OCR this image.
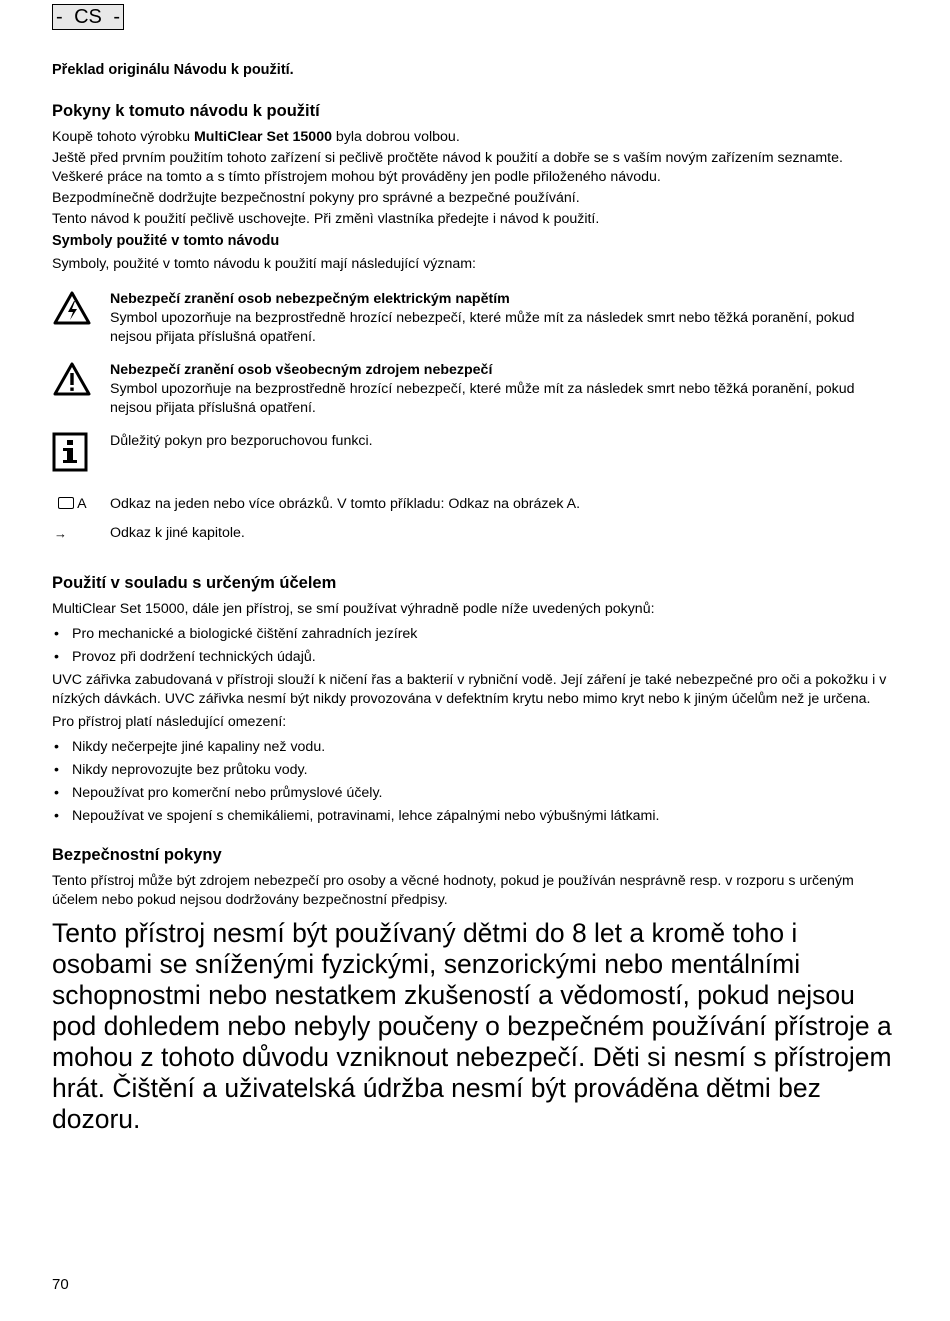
- CS -
Překlad originálu Návodu k použití.
Pokyny k tomuto návodu k použití

Koupě tohoto výrobku MultiClear Set 15000 byla dobrou volbou.

Ještě před prvním použitím tohoto zařízení si pečlivě pročtěte návod k použití a dobře se s vaším novým zařízením seznamte. Veškeré práce na tomto a s tímto přístrojem mohou být prováděny jen podle přiloženého návodu.

Bezpodmínečně dodržujte bezpečnostní pokyny pro správné a bezpečné používání.

Tento návod k použití pečlivě uschovejte. Při změnì vlastníka předejte i návod k použití.

Symboly použité v tomto návodu

Symboly, použité v tomto návodu k použití mají následující význam:

Nebezpečí zranění osob nebezpečným elektrickým napětím
Symbol upozorňuje na bezprostředně hrozící nebezpečí, které může mít za následek smrt nebo těžká poranění, pokud nejsou přijata příslušná opatření.
Nebezpečí zranění osob všeobecným zdrojem nebezpečí
Symbol upozorňuje na bezprostředně hrozící nebezpečí, které může mít za následek smrt nebo těžká poranění, pokud nejsou přijata příslušná opatření.
Důležitý pokyn pro bezporuchovou funkci.
A	Odkaz na jeden nebo více obrázků. V tomto příkladu: Odkaz na obrázek A.
→	Odkaz k jiné kapitole.
Použití v souladu s určeným účelem

MultiClear Set 15000, dále jen přístroj, se smí používat výhradně podle níže uvedených pokynů:

• Pro mechanické a biologické čištění zahradních jezírek
• Provoz při dodržení technických údajů.

UVC zářivka zabudovaná v přístroji slouží k ničení řas a bakterií v rybniční vodě. Její záření je také nebezpečné pro oči a pokožku i v nízkých dávkách. UVC zářivka nesmí být nikdy provozována v defektním krytu nebo mimo kryt nebo k jiným účelům než je určena.

Pro přístroj platí následující omezení:

• Nikdy nečerpejte jiné kapaliny než vodu.
• Nikdy neprovozujte bez průtoku vody.
• Nepoužívat pro komerční nebo průmyslové účely.
• Nepoužívat ve spojení s chemikáliemi, potravinami, lehce zápalnými nebo výbušnými látkami.
Bezpečnostní pokyny

Tento přístroj může být zdrojem nebezpečí pro osoby a věcné hodnoty, pokud je používán nesprávně resp. v rozporu s určeným účelem nebo pokud nejsou dodržovány bezpečnostní předpisy.

Tento přístroj nesmí být používaný dětmi do 8 let a kromě toho i osobami se sníženými fyzickými, senzorickými nebo mentálními schopnostmi nebo nestatkem zkušeností a vědomostí, pokud nejsou pod dohledem nebo nebyly poučeny o bezpečném používání přístroje a mohou z tohoto důvodu vzniknout nebezpečí. Děti si nesmí s přístrojem hrát. Čištění a uživatelská údržba nesmí být prováděna dětmi bez dozoru.
70
